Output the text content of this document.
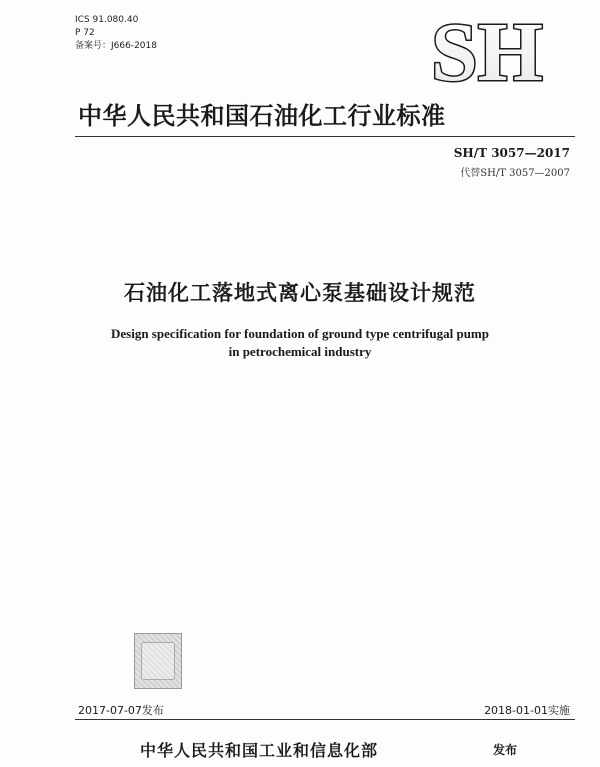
ICS 91.080.40
P 72
备案号：J666-2018	SH
中华人民共和国石油化工行业标准
SH/T 3057—2017
代替SH/T 3057—2007
石油化工落地式离心泵基础设计规范
Design specification for foundation of ground type centrifugal pump
in petrochemical industry
2017-07-07发布	2018-01-01实施
中华人民共和国工业和信息化部	发布
